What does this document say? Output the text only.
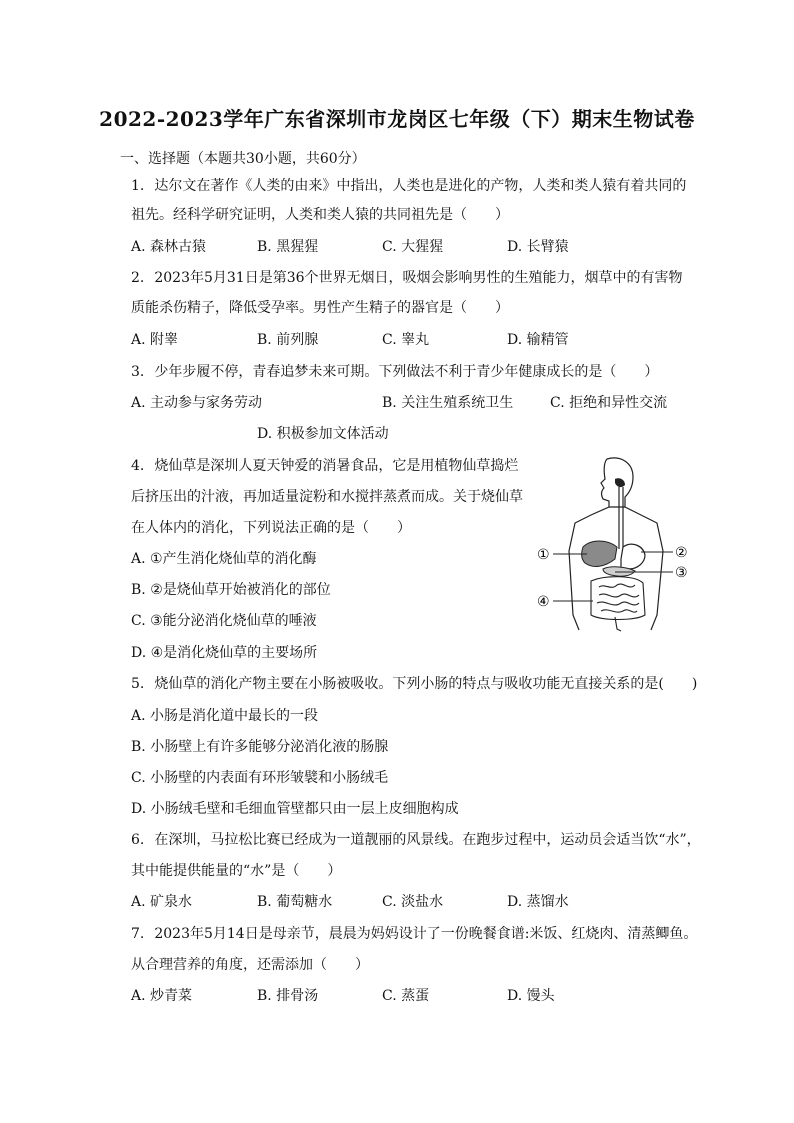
2022-2023学年广东省深圳市龙岗区七年级（下）期末生物试卷
一、选择题（本题共30小题，共60分）
1. 达尔文在著作《人类的由来》中指出，人类也是进化的产物，人类和类人猿有着共同的
祖先。经科学研究证明，人类和类人猿的共同祖先是（　　）
A. 森林古猿	B. 黑猩猩	C. 大猩猩	D. 长臂猿
2. 2023年5月31日是第36个世界无烟日，吸烟会影响男性的生殖能力，烟草中的有害物
质能杀伤精子，降低受孕率。男性产生精子的器官是（　　）
A. 附睾	B. 前列腺	C. 睾丸	D. 输精管
3. 少年步履不停，青春追梦未来可期。下列做法不利于青少年健康成长的是（　　）
A. 主动参与家务劳动	B. 关注生殖系统卫生	C. 拒绝和异性交流
D. 积极参加文体活动
4. 烧仙草是深圳人夏天钟爱的消暑食品，它是用植物仙草捣烂
后挤压出的汁液，再加适量淀粉和水搅拌蒸煮而成。关于烧仙草
在人体内的消化，下列说法正确的是（　　）
A. ①产生消化烧仙草的消化酶
B. ②是烧仙草开始被消化的部位
C. ③能分泌消化烧仙草的唾液
D. ④是消化烧仙草的主要场所
①	②
③
④
5. 烧仙草的消化产物主要在小肠被吸收。下列小肠的特点与吸收功能无直接关系的是(　　)
A. 小肠是消化道中最长的一段
B. 小肠壁上有许多能够分泌消化液的肠腺
C. 小肠壁的内表面有环形皱襞和小肠绒毛
D. 小肠绒毛壁和毛细血管壁都只由一层上皮细胞构成
6. 在深圳，马拉松比赛已经成为一道靓丽的风景线。在跑步过程中，运动员会适当饮“水”，
其中能提供能量的“水”是（　　）
A. 矿泉水	B. 葡萄糖水	C. 淡盐水	D. 蒸馏水
7. 2023年5月14日是母亲节，晨晨为妈妈设计了一份晚餐食谱:米饭、红烧肉、清蒸鲫鱼。
从合理营养的角度，还需添加（　　）
A. 炒青菜	B. 排骨汤	C. 蒸蛋	D. 馒头
